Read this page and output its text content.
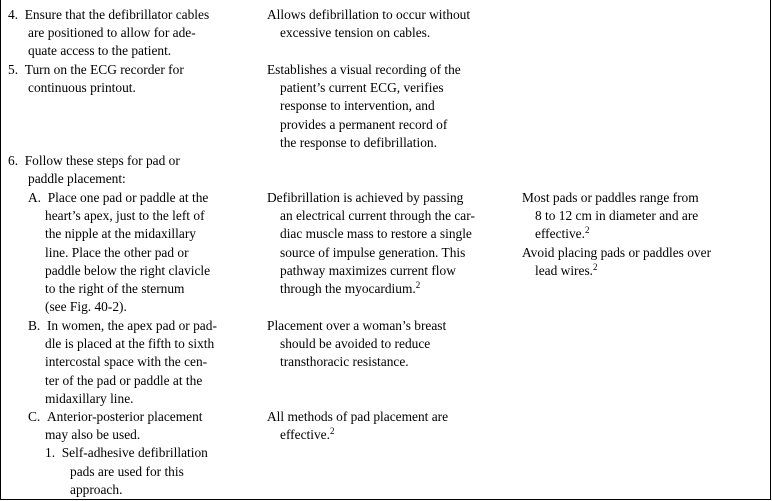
4.  Ensure that the defibrillator cables
are positioned to allow for ade-
quate access to the patient.
Allows defibrillation to occur without
excessive tension on cables.
5.  Turn on the ECG recorder for
continuous printout.
Establishes a visual recording of the
patient’s current ECG, verifies
response to intervention, and
provides a permanent record of
the response to defibrillation.
6.  Follow these steps for pad or
paddle placement:
A.  Place one pad or paddle at the
heart’s apex, just to the left of
the nipple at the midaxillary
line. Place the other pad or
paddle below the right clavicle
to the right of the sternum
(see Fig. 40-2).
Defibrillation is achieved by passing
an electrical current through the car-
diac muscle mass to restore a single
source of impulse generation. This
pathway maximizes current flow
through the myocardium.$^2$
Most pads or paddles range from
8 to 12 cm in diameter and are
effective.$^2$
Avoid placing pads or paddles over
lead wires.$^2$
B.  In women, the apex pad or pad-
dle is placed at the fifth to sixth
intercostal space with the cen-
ter of the pad or paddle at the
midaxillary line.
Placement over a woman’s breast
should be avoided to reduce
transthoracic resistance.
C.  Anterior-posterior placement
may also be used.
1.  Self-adhesive defibrillation
pads are used for this
approach.
All methods of pad placement are
effective.$^2$
